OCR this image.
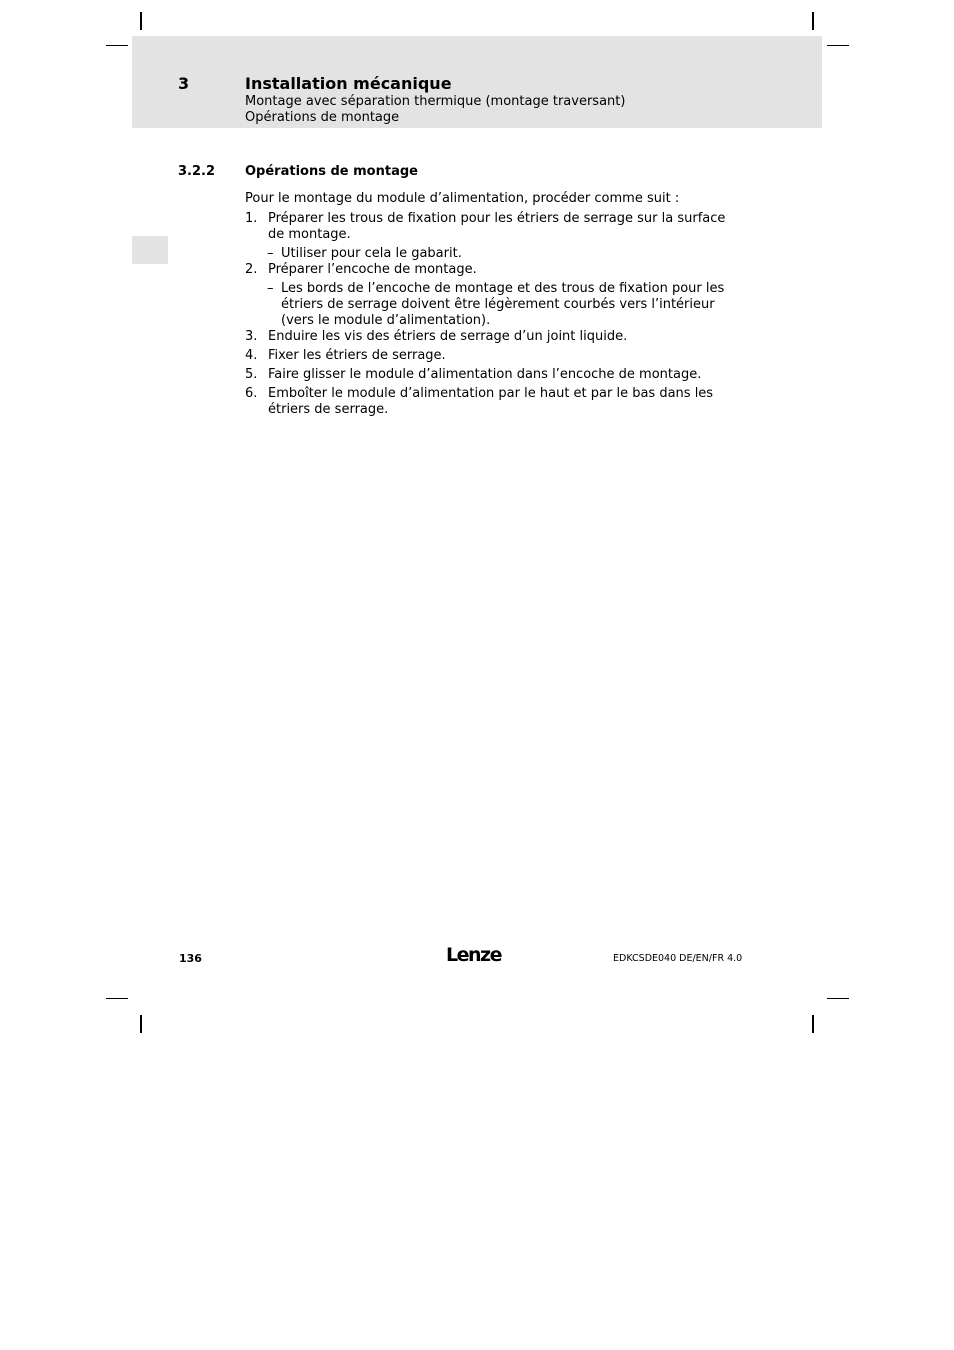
3	Installation mécanique
Montage avec séparation thermique (montage traversant)
Opérations de montage
3.2.2 Opérations de montage
Pour le montage du module d’alimentation, procéder comme suit :
1. Préparer les trous de fixation pour les étriers de serrage sur la surface de montage.
– Utiliser pour cela le gabarit.
2. Préparer l’encoche de montage.
– Les bords de l’encoche de montage et des trous de fixation pour les étriers de serrage doivent être légèrement courbés vers l’intérieur (vers le module d’alimentation).
3. Enduire les vis des étriers de serrage d’un joint liquide.
4. Fixer les étriers de serrage.
5. Faire glisser le module d’alimentation dans l’encoche de montage.
6. Emboîter le module d’alimentation par le haut et par le bas dans les étriers de serrage.
136	Lenze	EDKCSDE040 DE/EN/FR 4.0
